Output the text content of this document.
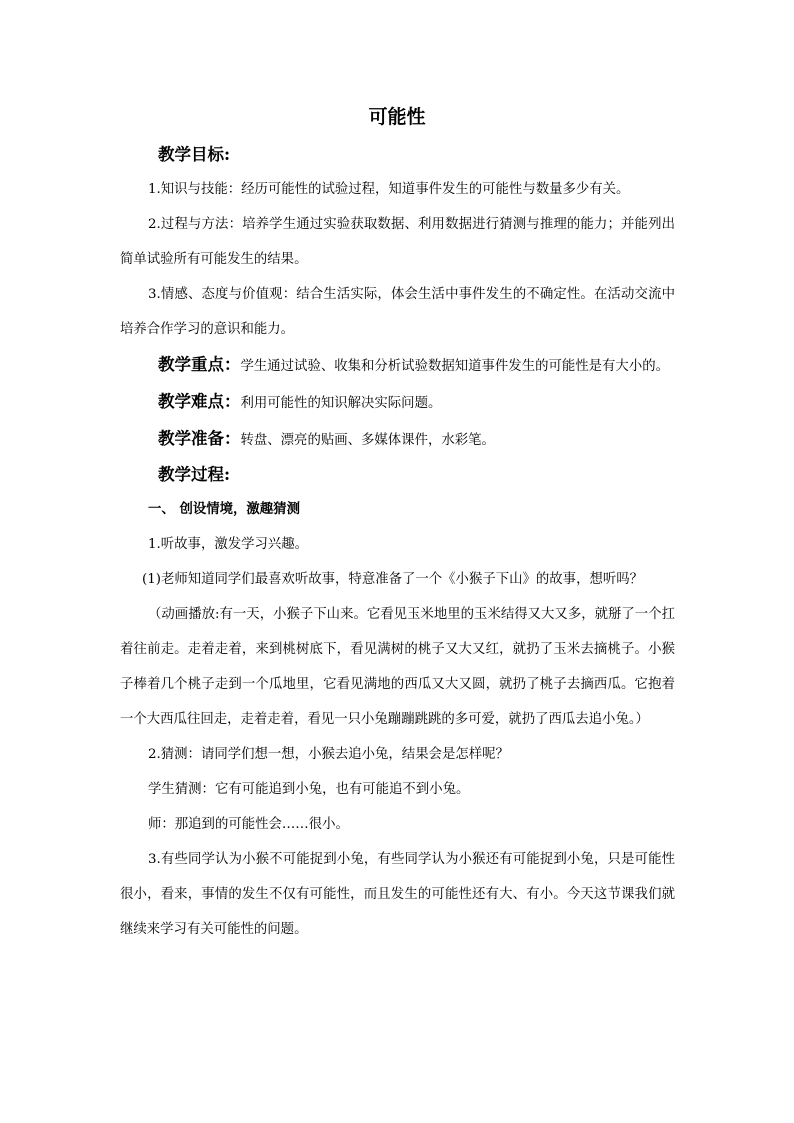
可能性
教学目标:

1.知识与技能：经历可能性的试验过程，知道事件发生的可能性与数量多少有关。

2.过程与方法：培养学生通过实验获取数据、利用数据进行猜测与推理的能力；并能列出简单试验所有可能发生的结果。

3.情感、态度与价值观：结合生活实际，体会生活中事件发生的不确定性。在活动交流中培养合作学习的意识和能力。

教学重点：学生通过试验、收集和分析试验数据知道事件发生的可能性是有大小的。

教学难点：利用可能性的知识解决实际问题。

教学准备：转盘、漂亮的贴画、多媒体课件，水彩笔。

教学过程:
一、 创设情境，激趣猜测

1.听故事，激发学习兴趣。

(1)老师知道同学们最喜欢听故事，特意准备了一个《小猴子下山》的故事，想听吗？

（动画播放:有一天，小猴子下山来。它看见玉米地里的玉米结得又大又多，就掰了一个扛着往前走。走着走着，来到桃树底下，看见满树的桃子又大又红，就扔了玉米去摘桃子。小猴子棒着几个桃子走到一个瓜地里，它看见满地的西瓜又大又圆，就扔了桃子去摘西瓜。它抱着一个大西瓜往回走，走着走着，看见一只小兔蹦蹦跳跳的多可爱，就扔了西瓜去追小兔。）

2.猜测：请同学们想一想，小猴去追小兔，结果会是怎样呢？

学生猜测：它有可能追到小兔，也有可能追不到小兔。

师：那追到的可能性会……很小。

3.有些同学认为小猴不可能捉到小兔，有些同学认为小猴还有可能捉到小兔，只是可能性很小，看来，事情的发生不仅有可能性，而且发生的可能性还有大、有小。今天这节课我们就继续来学习有关可能性的问题。
